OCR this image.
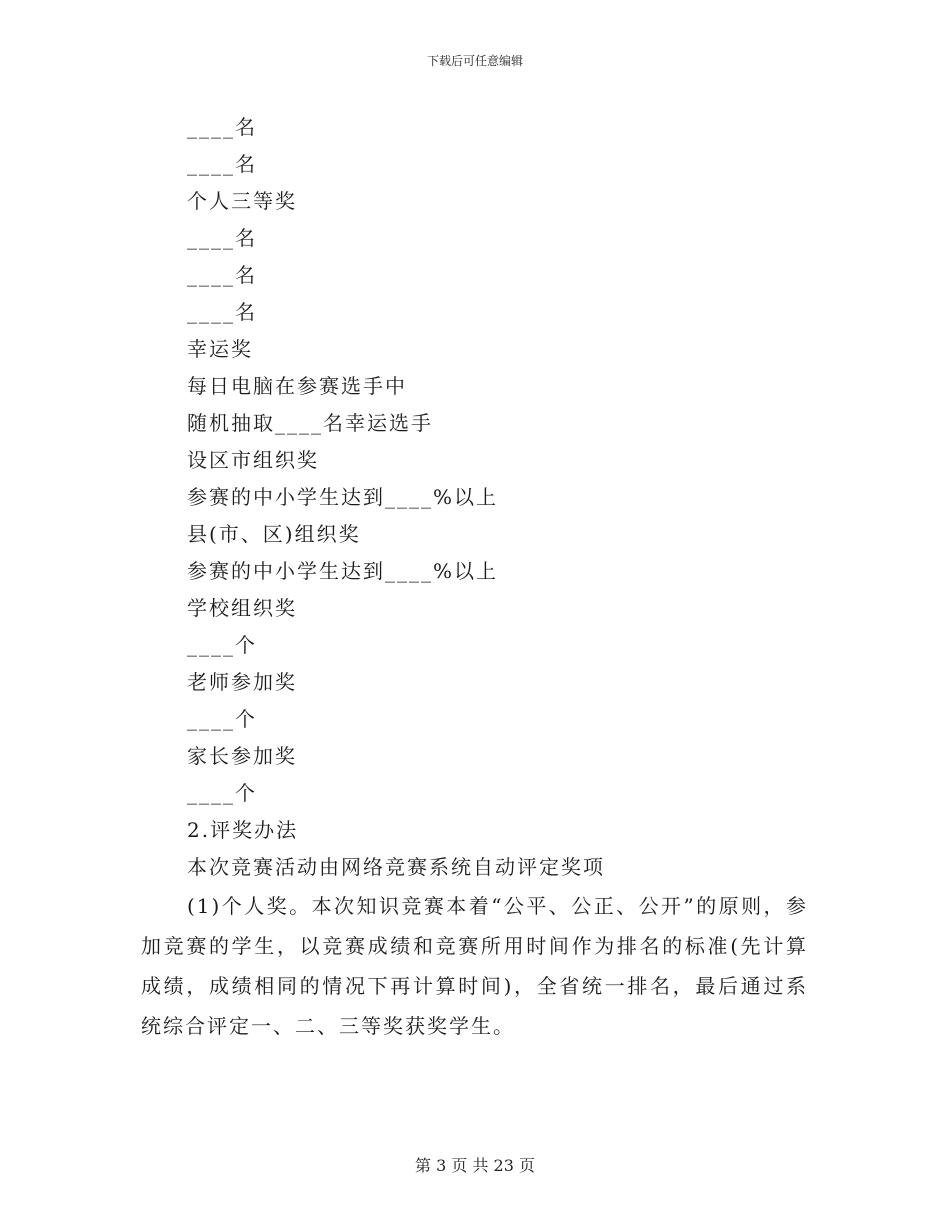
下载后可任意编辑
____名
____名
个人三等奖
____名
____名
____名
幸运奖
每日电脑在参赛选手中
随机抽取____名幸运选手
设区市组织奖
参赛的中小学生达到____%以上
县(市、区)组织奖
参赛的中小学生达到____%以上
学校组织奖
____个
老师参加奖
____个
家长参加奖
____个
2.评奖办法
本次竞赛活动由网络竞赛系统自动评定奖项
(1)个人奖。本次知识竞赛本着“公平、公正、公开”的原则，参加竞赛的学生，以竞赛成绩和竞赛所用时间作为排名的标准(先计算成绩，成绩相同的情况下再计算时间)，全省统一排名，最后通过系统综合评定一、二、三等奖获奖学生。
第 3 页 共 23 页
